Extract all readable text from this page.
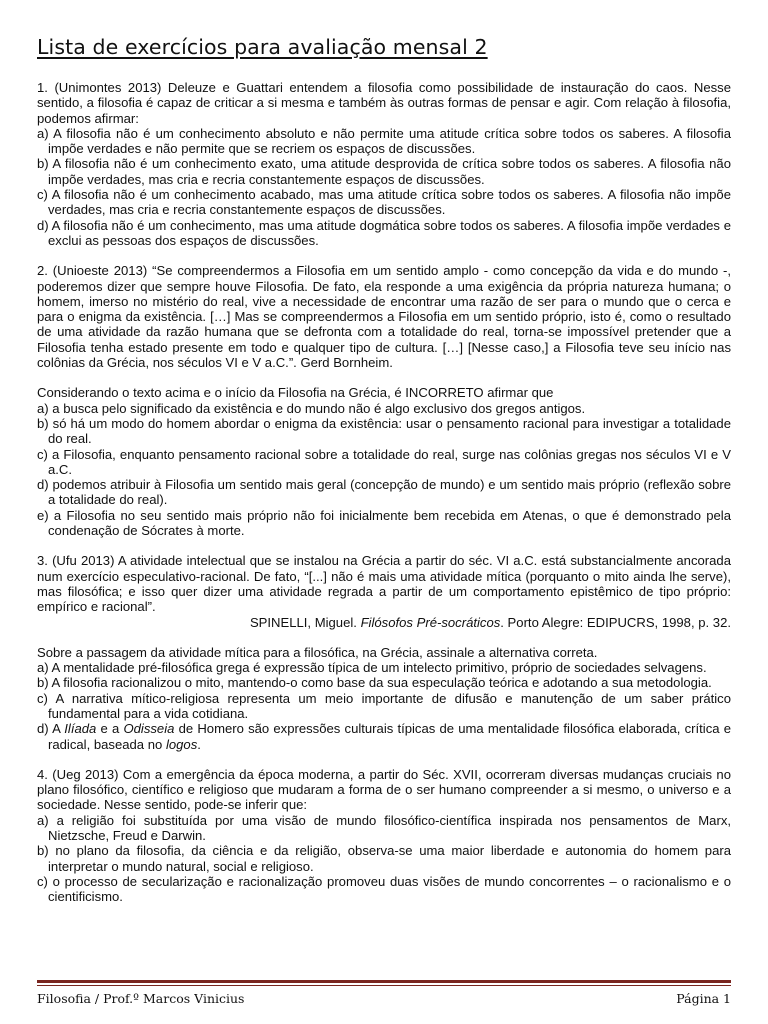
Lista de exercícios para avaliação mensal 2

1. (Unimontes 2013) Deleuze e Guattari entendem a filosofia como possibilidade de instauração do caos. Nesse sentido, a filosofia é capaz de criticar a si mesma e também às outras formas de pensar e agir. Com relação à filosofia, podemos afirmar:

a) A filosofia não é um conhecimento absoluto e não permite uma atitude crítica sobre todos os saberes. A filosofia impõe verdades e não permite que se recriem os espaços de discussões.

b) A filosofia não é um conhecimento exato, uma atitude desprovida de crítica sobre todos os saberes. A filosofia não impõe verdades, mas cria e recria constantemente espaços de discussões.

c) A filosofia não é um conhecimento acabado, mas uma atitude crítica sobre todos os saberes. A filosofia não impõe verdades, mas cria e recria constantemente espaços de discussões.

d) A filosofia não é um conhecimento, mas uma atitude dogmática sobre todos os saberes. A filosofia impõe verdades e exclui as pessoas dos espaços de discussões.

2. (Unioeste 2013) “Se compreendermos a Filosofia em um sentido amplo - como concepção da vida e do mundo -, poderemos dizer que sempre houve Filosofia. De fato, ela responde a uma exigência da própria natureza humana; o homem, imerso no mistério do real, vive a necessidade de encontrar uma razão de ser para o mundo que o cerca e para o enigma da existência. […] Mas se compreendermos a Filosofia em um sentido próprio, isto é, como o resultado de uma atividade da razão humana que se defronta com a totalidade do real, torna-se impossível pretender que a Filosofia tenha estado presente em todo e qualquer tipo de cultura. […] [Nesse caso,] a Filosofia teve seu início nas colônias da Grécia, nos séculos VI e V a.C.”. Gerd Bornheim.

Considerando o texto acima e o início da Filosofia na Grécia, é INCORRETO afirmar que

a) a busca pelo significado da existência e do mundo não é algo exclusivo dos gregos antigos.

b) só há um modo do homem abordar o enigma da existência: usar o pensamento racional para investigar a totalidade do real.

c) a Filosofia, enquanto pensamento racional sobre a totalidade do real, surge nas colônias gregas nos séculos VI e V a.C.

d) podemos atribuir à Filosofia um sentido mais geral (concepção de mundo) e um sentido mais próprio (reflexão sobre a totalidade do real).

e) a Filosofia no seu sentido mais próprio não foi inicialmente bem recebida em Atenas, o que é demonstrado pela condenação de Sócrates à morte.

3. (Ufu 2013) A atividade intelectual que se instalou na Grécia a partir do séc. VI a.C. está substancialmente ancorada num exercício especulativo-racional. De fato, “[...] não é mais uma atividade mítica (porquanto o mito ainda lhe serve), mas filosófica; e isso quer dizer uma atividade regrada a partir de um comportamento epistêmico de tipo próprio: empírico e racional”.

SPINELLI, Miguel. Filósofos Pré-socráticos. Porto Alegre: EDIPUCRS, 1998, p. 32.

Sobre a passagem da atividade mítica para a filosófica, na Grécia, assinale a alternativa correta.

a) A mentalidade pré-filosófica grega é expressão típica de um intelecto primitivo, próprio de sociedades selvagens.

b) A filosofia racionalizou o mito, mantendo-o como base da sua especulação teórica e adotando a sua metodologia.

c) A narrativa mítico-religiosa representa um meio importante de difusão e manutenção de um saber prático fundamental para a vida cotidiana.

d) A Ilíada e a Odisseia de Homero são expressões culturais típicas de uma mentalidade filosófica elaborada, crítica e radical, baseada no logos.

4. (Ueg 2013) Com a emergência da época moderna, a partir do Séc. XVII, ocorreram diversas mudanças cruciais no plano filosófico, científico e religioso que mudaram a forma de o ser humano compreender a si mesmo, o universo e a sociedade. Nesse sentido, pode-se inferir que:

a) a religião foi substituída por uma visão de mundo filosófico-científica inspirada nos pensamentos de Marx, Nietzsche, Freud e Darwin.

b) no plano da filosofia, da ciência e da religião, observa-se uma maior liberdade e autonomia do homem para interpretar o mundo natural, social e religioso.

c) o processo de secularização e racionalização promoveu duas visões de mundo concorrentes – o racionalismo e o cientificismo.

Filosofia / Prof.º Marcos Vinicius	Página 1
